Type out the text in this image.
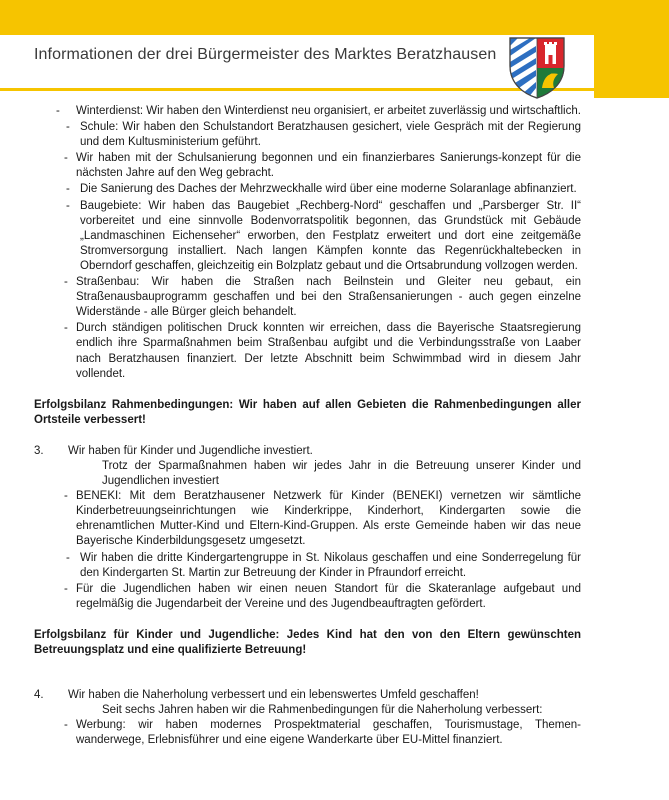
Informationen der drei Bürgermeister des Marktes Beratzhausen
- Winterdienst: Wir haben den Winterdienst neu organisiert, er arbeitet zuverlässig und wirtschaftlich.

- Schule: Wir haben den Schulstandort Beratzhausen gesichert, viele Gespräch mit der Regierung und dem Kultusministerium geführt.

- Wir haben mit der Schulsanierung begonnen und ein finanzierbares Sanierungs-konzept für die nächsten Jahre auf den Weg gebracht.

- Die Sanierung des Daches der Mehrzweckhalle wird über eine moderne Solaranlage abfinanziert.

- Baugebiete: Wir haben das Baugebiet „Rechberg-Nord“ geschaffen und „Parsberger Str. II“ vorbereitet und eine sinnvolle Bodenvorratspolitik begonnen, das Grundstück mit Gebäude „Landmaschinen Eichenseher“ erworben, den Festplatz erweitert und dort eine zeitgemäße Stromversorgung installiert. Nach langen Kämpfen konnte das Regenrückhaltebecken in Oberndorf geschaffen, gleichzeitig ein Bolzplatz gebaut und die Ortsabrundung vollzogen werden.

- Straßenbau: Wir haben die Straßen nach Beilnstein und Gleiter neu gebaut, ein Straßenausbauprogramm geschaffen und bei den Straßensanierungen - auch gegen einzelne Widerstände - alle Bürger gleich behandelt.

- Durch ständigen politischen Druck konnten wir erreichen, dass die Bayerische Staatsregierung endlich ihre Sparmaßnahmen beim Straßenbau aufgibt und die Verbindungsstraße von Laaber nach Beratzhausen finanziert. Der letzte Abschnitt beim Schwimmbad wird in diesem Jahr vollendet.

Erfolgsbilanz Rahmenbedingungen: Wir haben auf allen Gebieten die Rahmenbedingungen aller Ortsteile verbessert!
3. Wir haben für Kinder und Jugendliche investiert.
Trotz der Sparmaßnahmen haben wir jedes Jahr in die Betreuung unserer Kinder und Jugendlichen investiert
- BENEKI: Mit dem Beratzhausener Netzwerk für Kinder (BENEKI) vernetzen wir sämtliche Kinderbetreuungseinrichtungen wie Kinderkrippe, Kinderhort, Kindergarten sowie die ehrenamtlichen Mutter-Kind und Eltern-Kind-Gruppen. Als erste Gemeinde haben wir das neue Bayerische Kinderbildungsgesetz umgesetzt.

- Wir haben die dritte Kindergartengruppe in St. Nikolaus geschaffen und eine Sonderregelung für den Kindergarten St. Martin zur Betreuung der Kinder in Pfraundorf erreicht.

- Für die Jugendlichen haben wir einen neuen Standort für die Skateranlage aufgebaut und regelmäßig die Jugendarbeit der Vereine und des Jugendbeauftragten gefördert.

Erfolgsbilanz für Kinder und Jugendliche: Jedes Kind hat den von den Eltern gewünschten Betreuungsplatz und eine qualifizierte Betreuung!
4. Wir haben die Naherholung verbessert und ein lebenswertes Umfeld geschaffen!
Seit sechs Jahren haben wir die Rahmenbedingungen für die Naherholung verbessert:
- Werbung: wir haben modernes Prospektmaterial geschaffen, Tourismustage, Themen-wanderwege, Erlebnisführer und eine eigene Wanderkarte über EU-Mittel finanziert.
